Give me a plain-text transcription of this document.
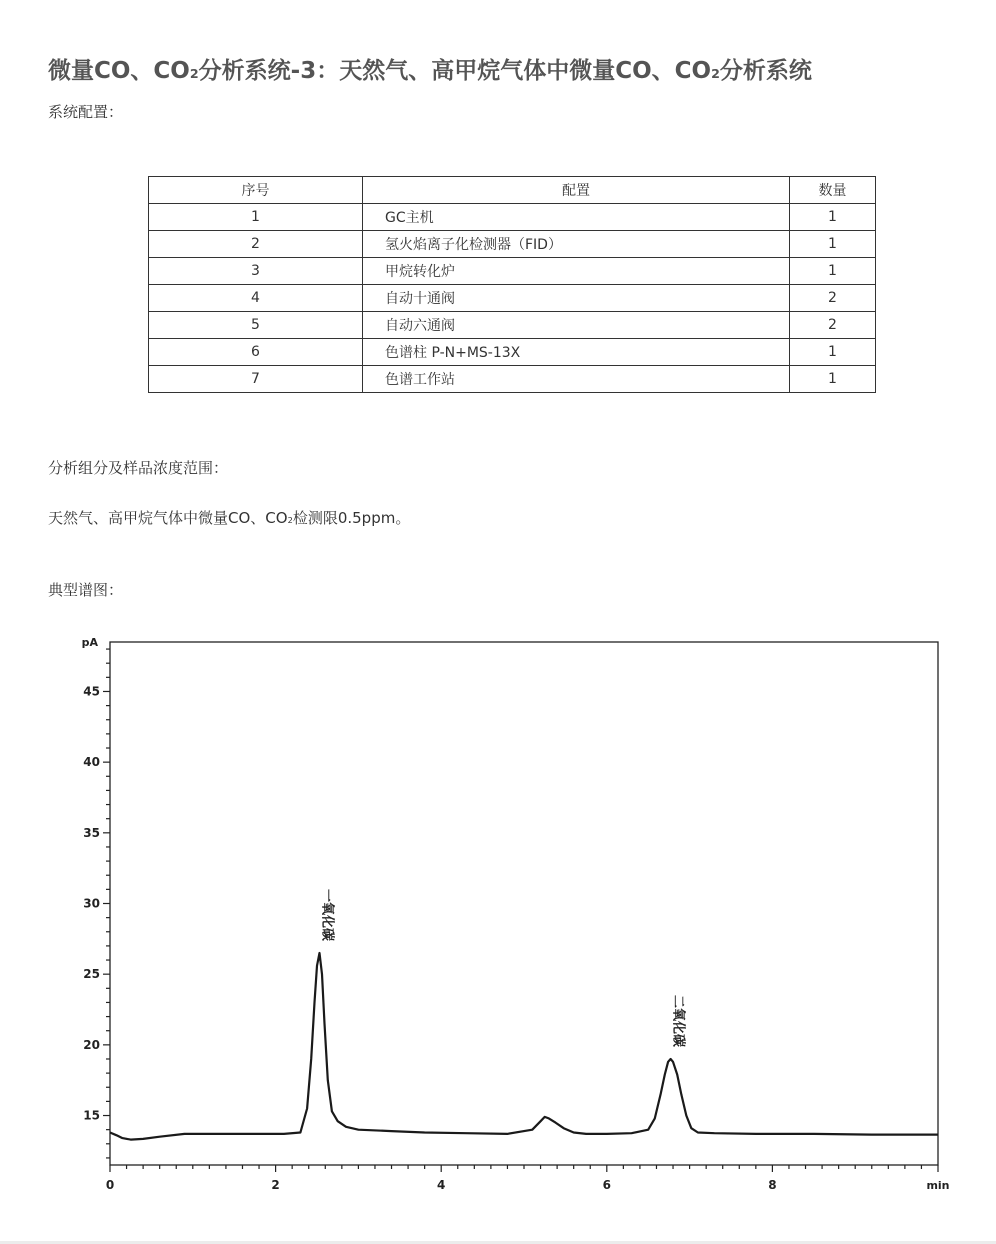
微量CO、CO2分析系统-3：天然气、高甲烷气体中微量CO、CO2分析系统

系统配置：

序号	配置	数量
1	GC主机	1
2	氢火焰离子化检测器（FID）	1
3	甲烷转化炉	1
4	自动十通阀	2
5	自动六通阀	2
6	色谱柱 P-N+MS-13X	1
7	色谱工作站	1

分析组分及样品浓度范围：

天然气、高甲烷气体中微量CO、CO2检测限0.5ppm。

典型谱图：

0	2	4	6	8
15
20
25
30
35
40
45
pA
min
一氧化碳
二氧化碳
